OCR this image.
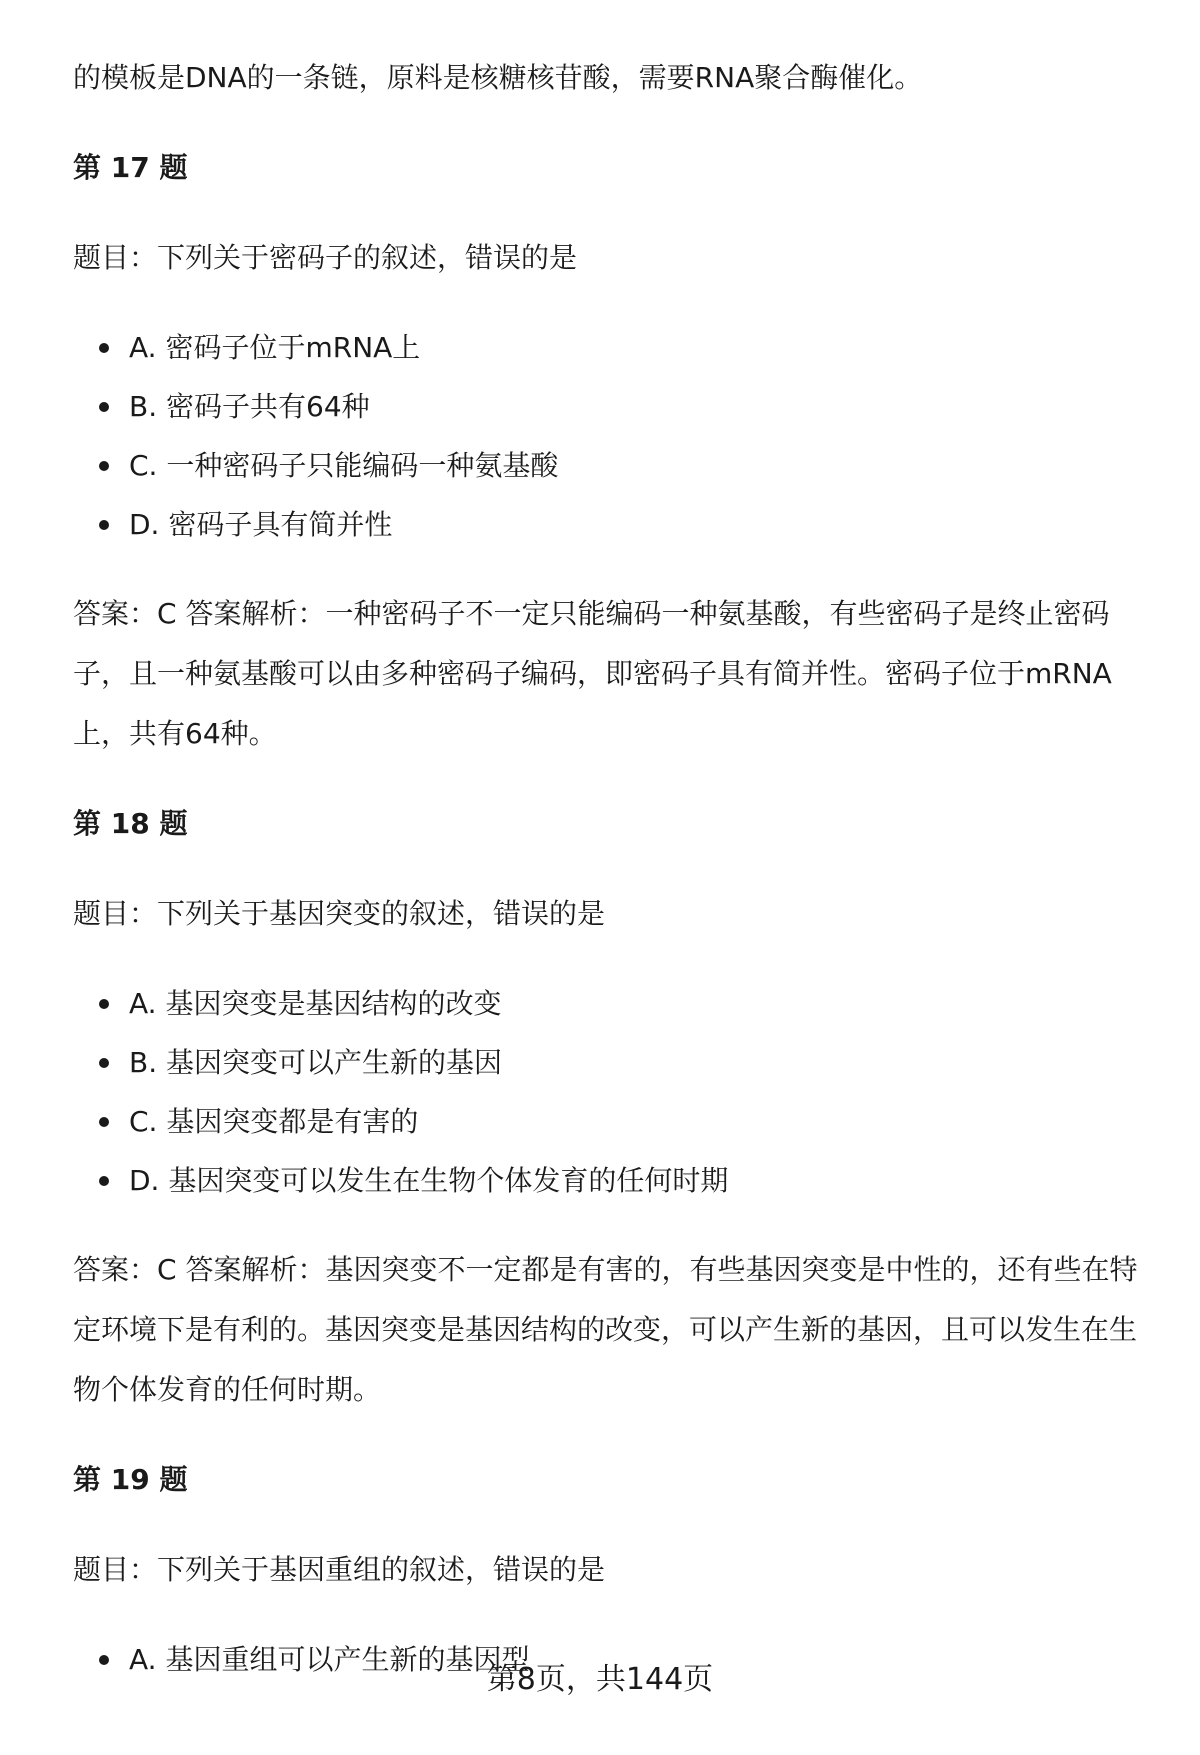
的模板是DNA的一条链，原料是核糖核苷酸，需要RNA聚合酶催化。

第 17 题

题目：下列关于密码子的叙述，错误的是

A. 密码子位于mRNA上
B. 密码子共有64种
C. 一种密码子只能编码一种氨基酸
D. 密码子具有简并性

答案：C 答案解析：一种密码子不一定只能编码一种氨基酸，有些密码子是终止密码子，且一种氨基酸可以由多种密码子编码，即密码子具有简并性。密码子位于mRNA上，共有64种。

第 18 题

题目：下列关于基因突变的叙述，错误的是

A. 基因突变是基因结构的改变
B. 基因突变可以产生新的基因
C. 基因突变都是有害的
D. 基因突变可以发生在生物个体发育的任何时期

答案：C 答案解析：基因突变不一定都是有害的，有些基因突变是中性的，还有些在特定环境下是有利的。基因突变是基因结构的改变，可以产生新的基因，且可以发生在生物个体发育的任何时期。

第 19 题

题目：下列关于基因重组的叙述，错误的是

A. 基因重组可以产生新的基因型
第8页，共144页
